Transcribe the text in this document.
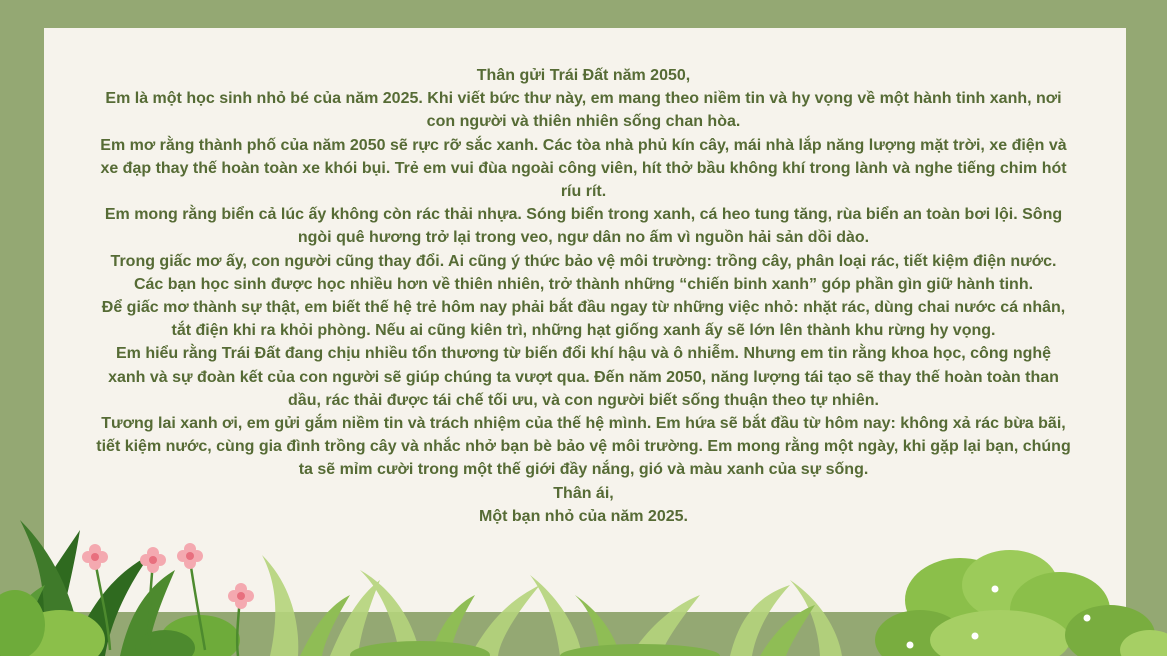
Thân gửi Trái Đất năm 2050,

Em là một học sinh nhỏ bé của năm 2025. Khi viết bức thư này, em mang theo niềm tin và hy vọng về một hành tinh xanh, nơi con người và thiên nhiên sống chan hòa.

Em mơ rằng thành phố của năm 2050 sẽ rực rỡ sắc xanh. Các tòa nhà phủ kín cây, mái nhà lắp năng lượng mặt trời, xe điện và xe đạp thay thế hoàn toàn xe khói bụi. Trẻ em vui đùa ngoài công viên, hít thở bầu không khí trong lành và nghe tiếng chim hót ríu rít.

Em mong rằng biển cả lúc ấy không còn rác thải nhựa. Sóng biển trong xanh, cá heo tung tăng, rùa biển an toàn bơi lội. Sông ngòi quê hương trở lại trong veo, ngư dân no ấm vì nguồn hải sản dồi dào.

Trong giấc mơ ấy, con người cũng thay đổi. Ai cũng ý thức bảo vệ môi trường: trồng cây, phân loại rác, tiết kiệm điện nước. Các bạn học sinh được học nhiều hơn về thiên nhiên, trở thành những “chiến binh xanh” góp phần gìn giữ hành tinh.

Để giấc mơ thành sự thật, em biết thế hệ trẻ hôm nay phải bắt đầu ngay từ những việc nhỏ: nhặt rác, dùng chai nước cá nhân, tắt điện khi ra khỏi phòng. Nếu ai cũng kiên trì, những hạt giống xanh ấy sẽ lớn lên thành khu rừng hy vọng.

Em hiểu rằng Trái Đất đang chịu nhiều tổn thương từ biến đổi khí hậu và ô nhiễm. Nhưng em tin rằng khoa học, công nghệ xanh và sự đoàn kết của con người sẽ giúp chúng ta vượt qua. Đến năm 2050, năng lượng tái tạo sẽ thay thế hoàn toàn than dầu, rác thải được tái chế tối ưu, và con người biết sống thuận theo tự nhiên.

Tương lai xanh ơi, em gửi gắm niềm tin và trách nhiệm của thế hệ mình. Em hứa sẽ bắt đầu từ hôm nay: không xả rác bừa bãi, tiết kiệm nước, cùng gia đình trồng cây và nhắc nhở bạn bè bảo vệ môi trường. Em mong rằng một ngày, khi gặp lại bạn, chúng ta sẽ mỉm cười trong một thế giới đầy nắng, gió và màu xanh của sự sống.

Thân ái,

Một bạn nhỏ của năm 2025.
